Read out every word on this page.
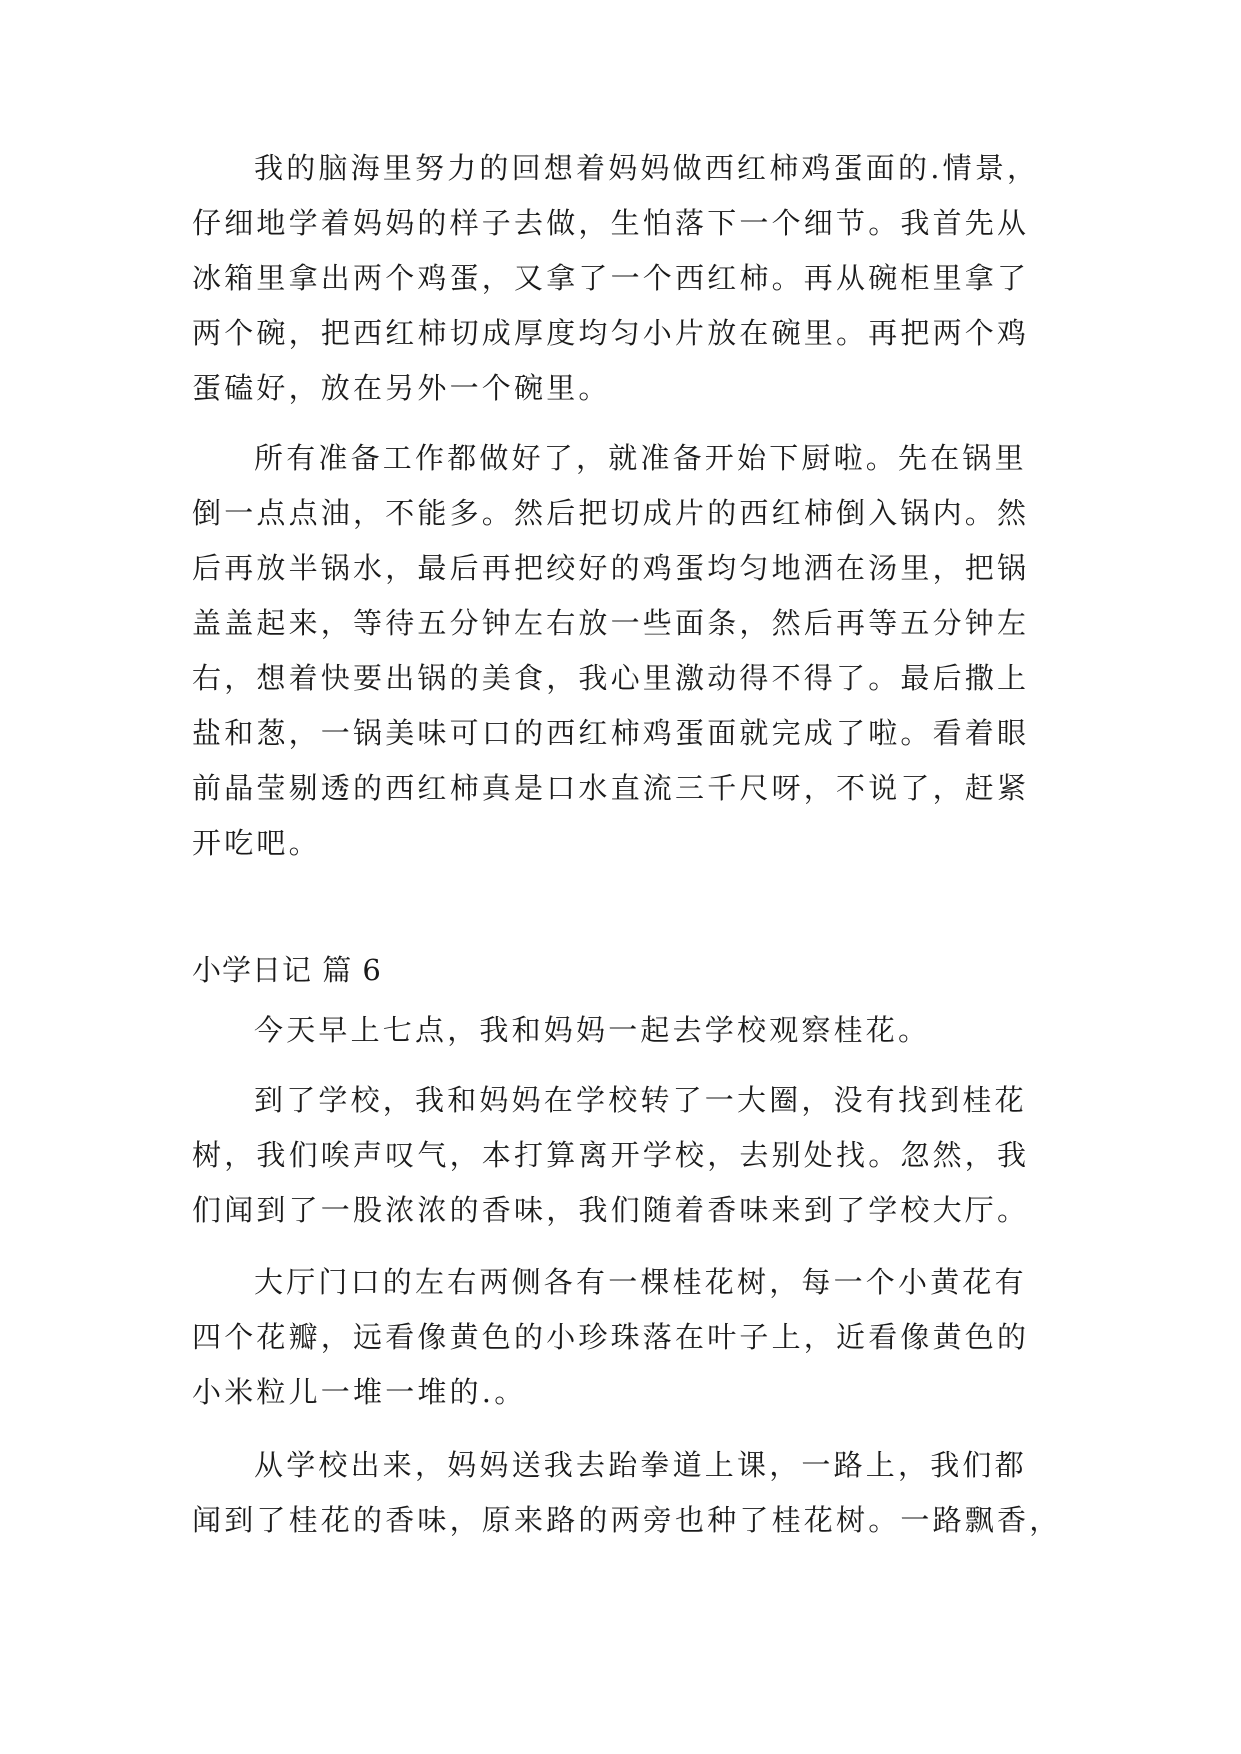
我的脑海里努力的回想着妈妈做西红柿鸡蛋面的.情景，
仔细地学着妈妈的样子去做，生怕落下一个细节。我首先从
冰箱里拿出两个鸡蛋，又拿了一个西红柿。再从碗柜里拿了
两个碗，把西红柿切成厚度均匀小片放在碗里。再把两个鸡
蛋磕好，放在另外一个碗里。
所有准备工作都做好了，就准备开始下厨啦。先在锅里
倒一点点油，不能多。然后把切成片的西红柿倒入锅内。然
后再放半锅水，最后再把绞好的鸡蛋均匀地洒在汤里，把锅
盖盖起来，等待五分钟左右放一些面条，然后再等五分钟左
右，想着快要出锅的美食，我心里激动得不得了。最后撒上
盐和葱，一锅美味可口的西红柿鸡蛋面就完成了啦。看着眼
前晶莹剔透的西红柿真是口水直流三千尺呀，不说了，赶紧
开吃吧。
小学日记 篇 6
今天早上七点，我和妈妈一起去学校观察桂花。
到了学校，我和妈妈在学校转了一大圈，没有找到桂花
树，我们唉声叹气，本打算离开学校，去别处找。忽然，我
们闻到了一股浓浓的香味，我们随着香味来到了学校大厅。
大厅门口的左右两侧各有一棵桂花树，每一个小黄花有
四个花瓣，远看像黄色的小珍珠落在叶子上，近看像黄色的
小米粒儿一堆一堆的.。
从学校出来，妈妈送我去跆拳道上课，一路上，我们都
闻到了桂花的香味，原来路的两旁也种了桂花树。一路飘香，
